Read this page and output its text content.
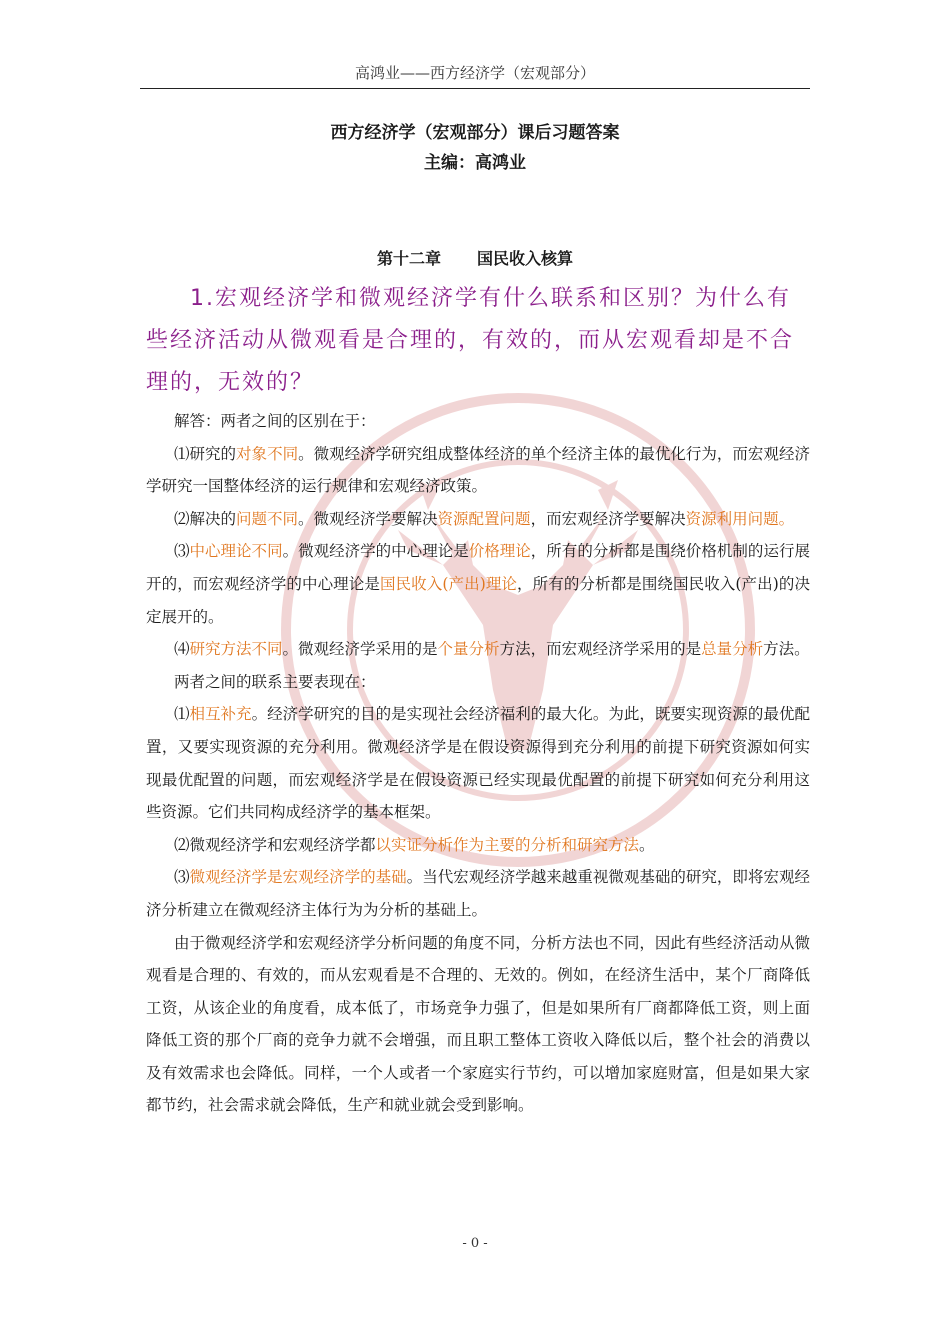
高鸿业——西方经济学（宏观部分）
西方经济学（宏观部分）课后习题答案
主编：高鸿业
第十二章 国民收入核算
1.宏观经济学和微观经济学有什么联系和区别？为什么有些经济活动从微观看是合理的，有效的，而从宏观看却是不合理的，无效的？

解答：两者之间的区别在于：

⑴研究的对象不同。微观经济学研究组成整体经济的单个经济主体的最优化行为，而宏观经济学研究一国整体经济的运行规律和宏观经济政策。

⑵解决的问题不同。微观经济学要解决资源配置问题，而宏观经济学要解决资源利用问题。

⑶中心理论不同。微观经济学的中心理论是价格理论，所有的分析都是围绕价格机制的运行展开的，而宏观经济学的中心理论是国民收入(产出)理论，所有的分析都是围绕国民收入(产出)的决定展开的。

⑷研究方法不同。微观经济学采用的是个量分析方法，而宏观经济学采用的是总量分析方法。

两者之间的联系主要表现在：

⑴相互补充。经济学研究的目的是实现社会经济福利的最大化。为此，既要实现资源的最优配置，又要实现资源的充分利用。微观经济学是在假设资源得到充分利用的前提下研究资源如何实现最优配置的问题，而宏观经济学是在假设资源已经实现最优配置的前提下研究如何充分利用这些资源。它们共同构成经济学的基本框架。

⑵微观经济学和宏观经济学都以实证分析作为主要的分析和研究方法。

⑶微观经济学是宏观经济学的基础。当代宏观经济学越来越重视微观基础的研究，即将宏观经济分析建立在微观经济主体行为为分析的基础上。

由于微观经济学和宏观经济学分析问题的角度不同，分析方法也不同，因此有些经济活动从微观看是合理的、有效的，而从宏观看是不合理的、无效的。例如，在经济生活中，某个厂商降低工资，从该企业的角度看，成本低了，市场竞争力强了，但是如果所有厂商都降低工资，则上面降低工资的那个厂商的竞争力就不会增强，而且职工整体工资收入降低以后，整个社会的消费以及有效需求也会降低。同样，一个人或者一个家庭实行节约，可以增加家庭财富，但是如果大家都节约，社会需求就会降低，生产和就业就会受到影响。

- 0 -
